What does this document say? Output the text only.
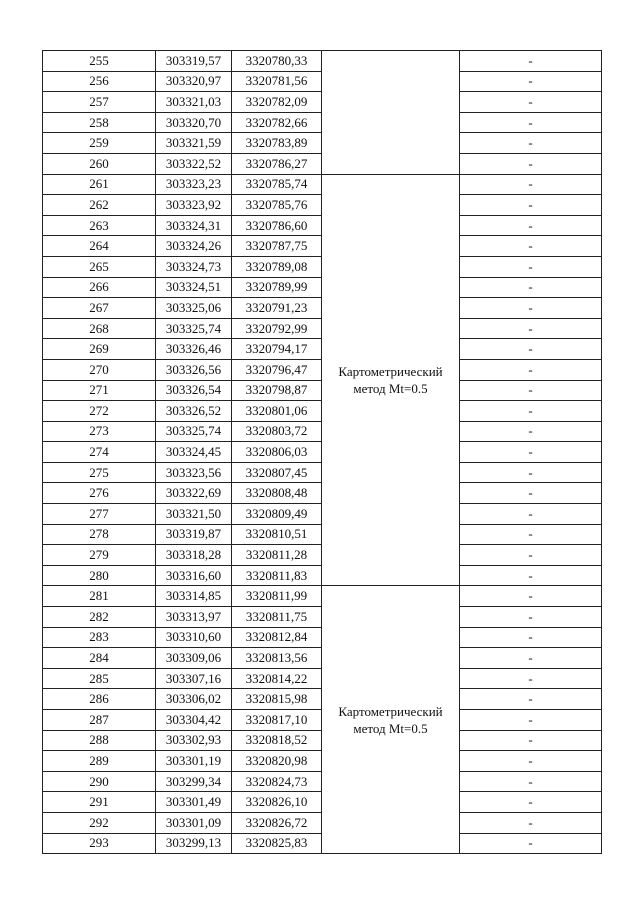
255	303319,57	3320780,33		-
256	303320,97	3320781,56		-
257	303321,03	3320782,09		-
258	303320,70	3320782,66		-
259	303321,59	3320783,89		-
260	303322,52	3320786,27		-
261	303323,23	3320785,74	Картометрический
метод Mt=0.5	-
262	303323,92	3320785,76		-
263	303324,31	3320786,60		-
264	303324,26	3320787,75		-
265	303324,73	3320789,08		-
266	303324,51	3320789,99		-
267	303325,06	3320791,23		-
268	303325,74	3320792,99		-
269	303326,46	3320794,17		-
270	303326,56	3320796,47		-
271	303326,54	3320798,87		-
272	303326,52	3320801,06		-
273	303325,74	3320803,72		-
274	303324,45	3320806,03		-
275	303323,56	3320807,45		-
276	303322,69	3320808,48		-
277	303321,50	3320809,49		-
278	303319,87	3320810,51		-
279	303318,28	3320811,28		-
280	303316,60	3320811,83		-
281	303314,85	3320811,99	Картометрический
метод Mt=0.5	-
282	303313,97	3320811,75		-
283	303310,60	3320812,84		-
284	303309,06	3320813,56		-
285	303307,16	3320814,22		-
286	303306,02	3320815,98		-
287	303304,42	3320817,10		-
288	303302,93	3320818,52		-
289	303301,19	3320820,98		-
290	303299,34	3320824,73		-
291	303301,49	3320826,10		-
292	303301,09	3320826,72		-
293	303299,13	3320825,83		-
